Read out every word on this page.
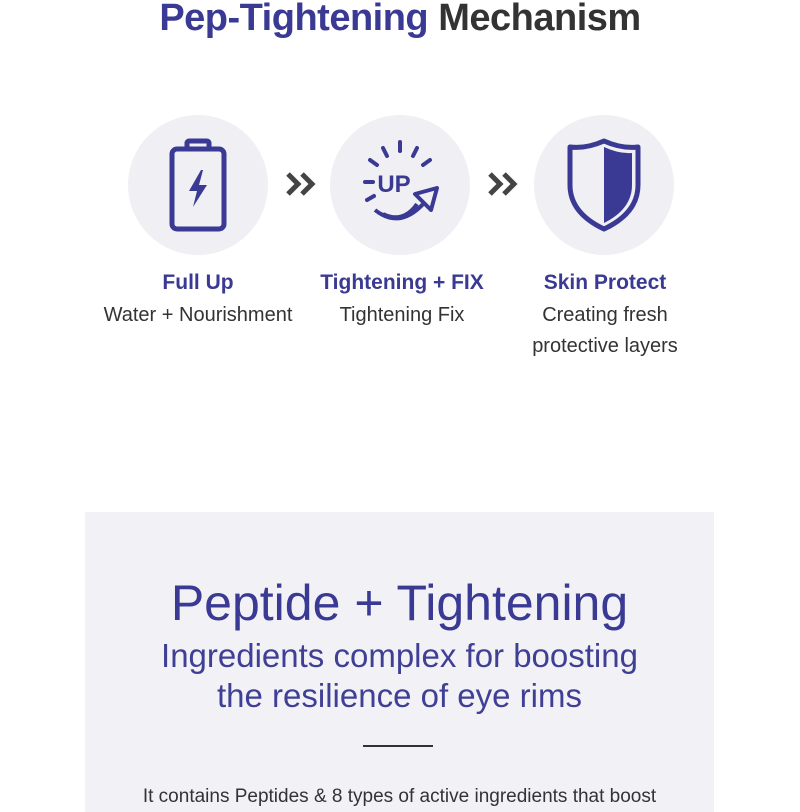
Pep-Tightening Mechanism
UP
Full Up
Water + Nourishment
Tightening + FIX
Tightening Fix
Skin Protect
Creating fresh
protective layers
Peptide + Tightening
Ingredients complex for boosting
the resilience of eye rims
It contains Peptides & 8 types of active ingredients that boost
